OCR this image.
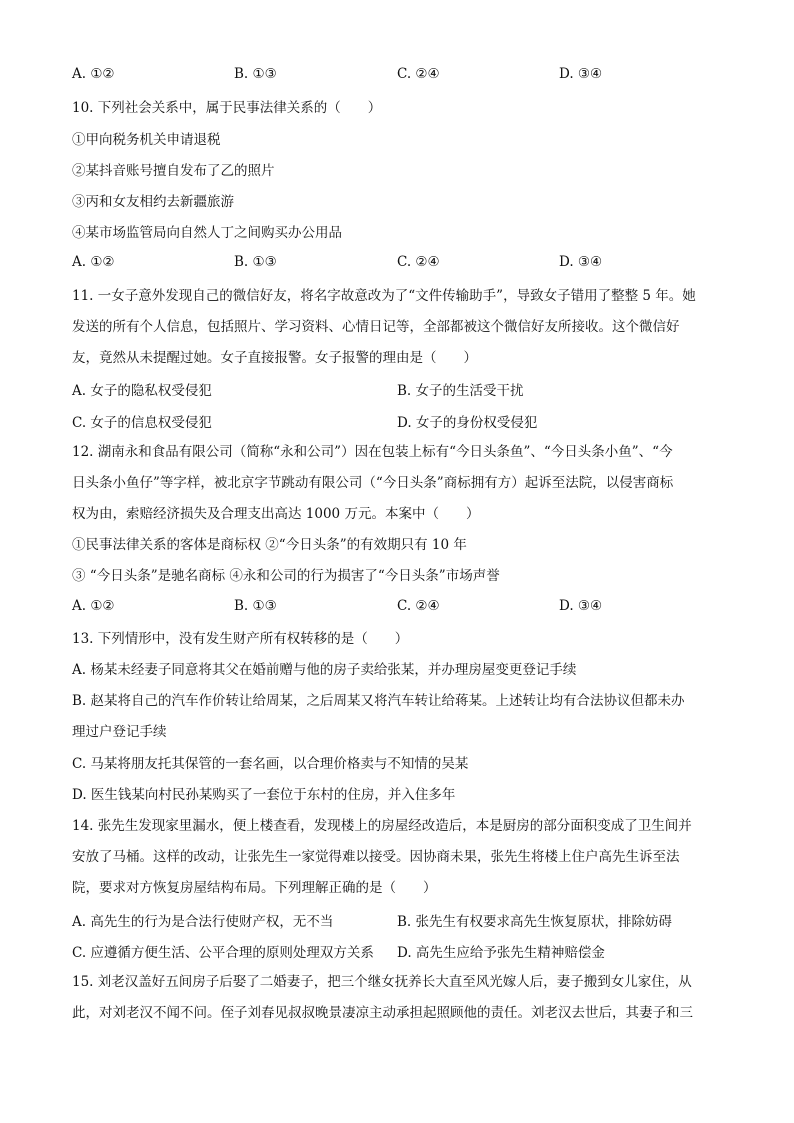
A. ①②	B. ①③	C. ②④	D. ③④
10. 下列社会关系中，属于民事法律关系的（　　）
①甲向税务机关申请退税
②某抖音账号擅自发布了乙的照片
③丙和女友相约去新疆旅游
④某市场监管局向自然人丁之间购买办公用品
A. ①②	B. ①③	C. ②④	D. ③④
11. 一女子意外发现自己的微信好友，将名字故意改为了“文件传输助手”，导致女子错用了整整 5 年。她
发送的所有个人信息，包括照片、学习资料、心情日记等，全部都被这个微信好友所接收。这个微信好
友，竟然从未提醒过她。女子直接报警。女子报警的理由是（　　）
A. 女子的隐私权受侵犯	B. 女子的生活受干扰
C. 女子的信息权受侵犯	D. 女子的身份权受侵犯
12. 湖南永和食品有限公司（简称“永和公司”）因在包装上标有“今日头条鱼”、“今日头条小鱼”、“今
日头条小鱼仔”等字样，被北京字节跳动有限公司（“今日头条”商标拥有方）起诉至法院，以侵害商标
权为由，索赔经济损失及合理支出高达 1000 万元。本案中（　　）
①民事法律关系的客体是商标权 ②“今日头条”的有效期只有 10 年
③ “今日头条”是驰名商标 ④永和公司的行为损害了“今日头条”市场声誉
A. ①②	B. ①③	C. ②④	D. ③④
13. 下列情形中，没有发生财产所有权转移的是（　　）
A. 杨某未经妻子同意将其父在婚前赠与他的房子卖给张某，并办理房屋变更登记手续
B. 赵某将自己的汽车作价转让给周某，之后周某又将汽车转让给蒋某。上述转让均有合法协议但都未办
理过户登记手续
C. 马某将朋友托其保管的一套名画，以合理价格卖与不知情的吴某
D. 医生钱某向村民孙某购买了一套位于东村的住房，并入住多年
14. 张先生发现家里漏水，便上楼查看，发现楼上的房屋经改造后，本是厨房的部分面积变成了卫生间并
安放了马桶。这样的改动，让张先生一家觉得难以接受。因协商未果，张先生将楼上住户高先生诉至法
院，要求对方恢复房屋结构布局。下列理解正确的是（　　）
A. 高先生的行为是合法行使财产权，无不当	B. 张先生有权要求高先生恢复原状，排除妨碍
C. 应遵循方便生活、公平合理的原则处理双方关系 D. 高先生应给予张先生精神赔偿金
15. 刘老汉盖好五间房子后娶了二婚妻子，把三个继女抚养长大直至风光嫁人后，妻子搬到女儿家住，从
此，对刘老汉不闻不问。侄子刘春见叔叔晚景凄凉主动承担起照顾他的责任。刘老汉去世后，其妻子和三
